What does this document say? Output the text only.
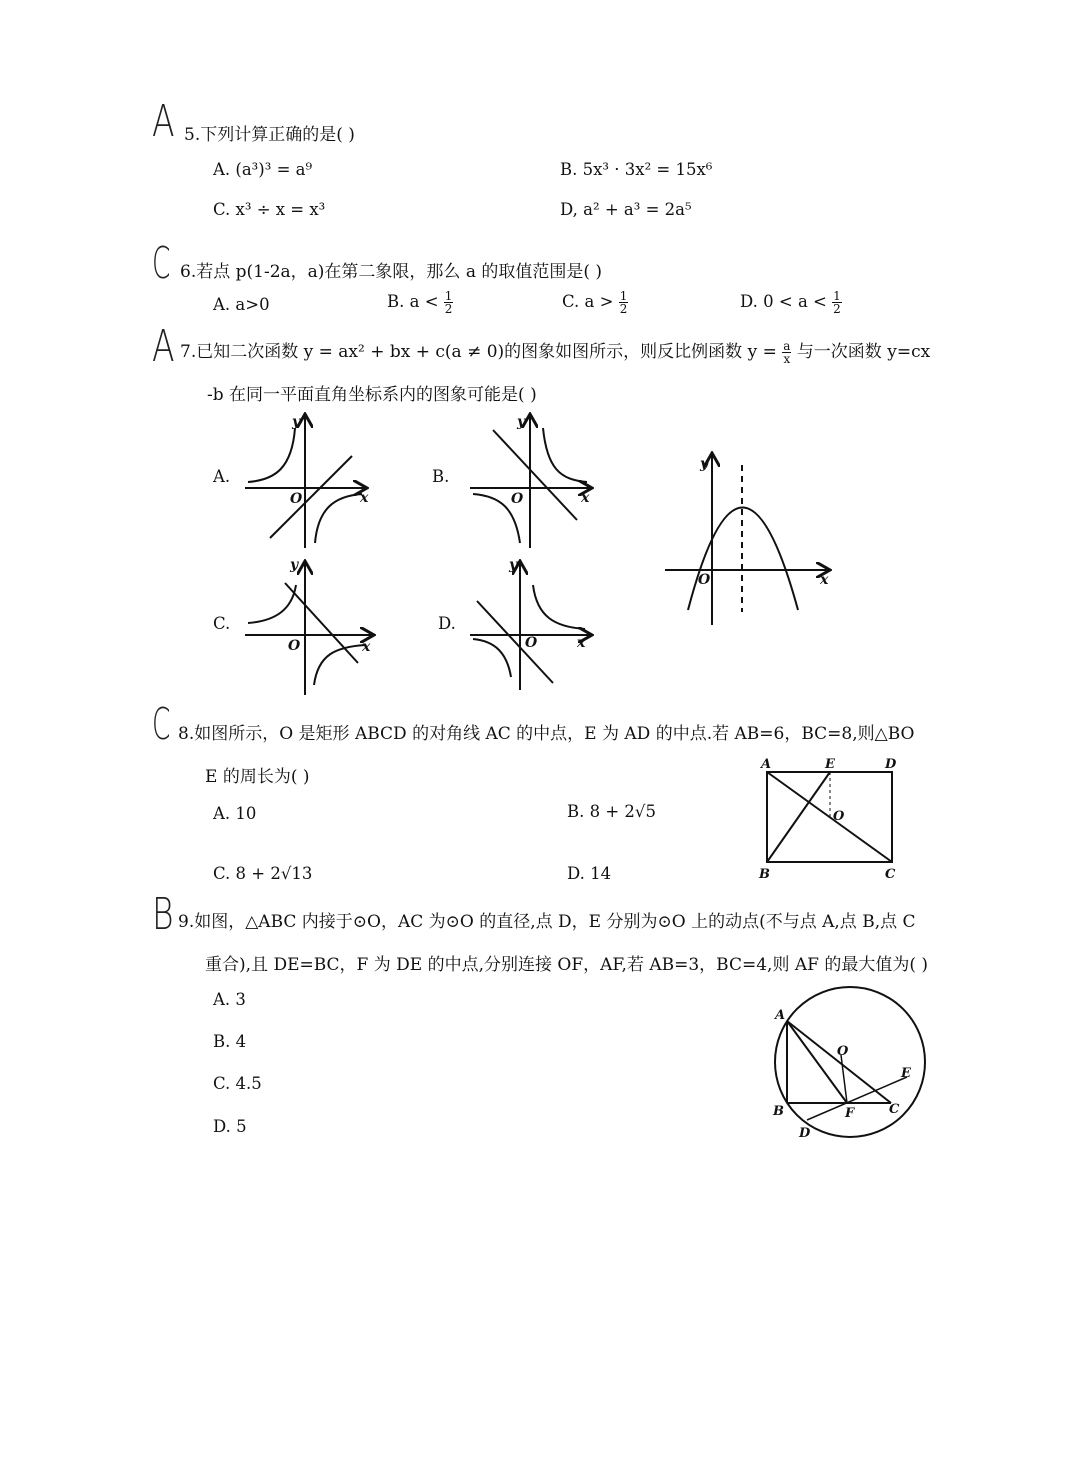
A 5.下列计算正确的是( )
A. (a³)³ = a⁹	B. 5x³ · 3x² = 15x⁶
C. x³ ÷ x = x³	D, a² + a³ = 2a⁵
C 6.若点 p(1-2a，a)在第二象限，那么 a 的取值范围是( )
A. a>0	B. $a < \frac{1}{2}$	C. $a > \frac{1}{2}$	D. $0 < a < \frac{1}{2}$
A 7.已知二次函数 y = ax² + bx + c(a ≠ 0)的图象如图所示，则反比例函数 $y = \frac{a}{x}$ 与一次函数 y=cx
-b 在同一平面直角坐标系内的图象可能是( )
A.	B.
C.	D.
y
x
O
y
x
O
y
x
O
y
x
O
y
x
O
C 8.如图所示，O 是矩形 ABCD 的对角线 AC 的中点，E 为 AD 的中点.若 AB=6，BC=8,则△BO
E 的周长为( )
A. 10	B. 8 + 2√5
C. 8 + 2√13	D. 14
A	E	D
O
B	C
B 9.如图，△ABC 内接于⊙O，AC 为⊙O 的直径,点 D，E 分别为⊙O 上的动点(不与点 A,点 B,点 C
重合),且 DE=BC，F 为 DE 的中点,分别连接 OF，AF,若 AB=3，BC=4,则 AF 的最大值为( )
A. 3
B. 4
C. 4.5
D. 5
A
O
E
B	F	C
D
